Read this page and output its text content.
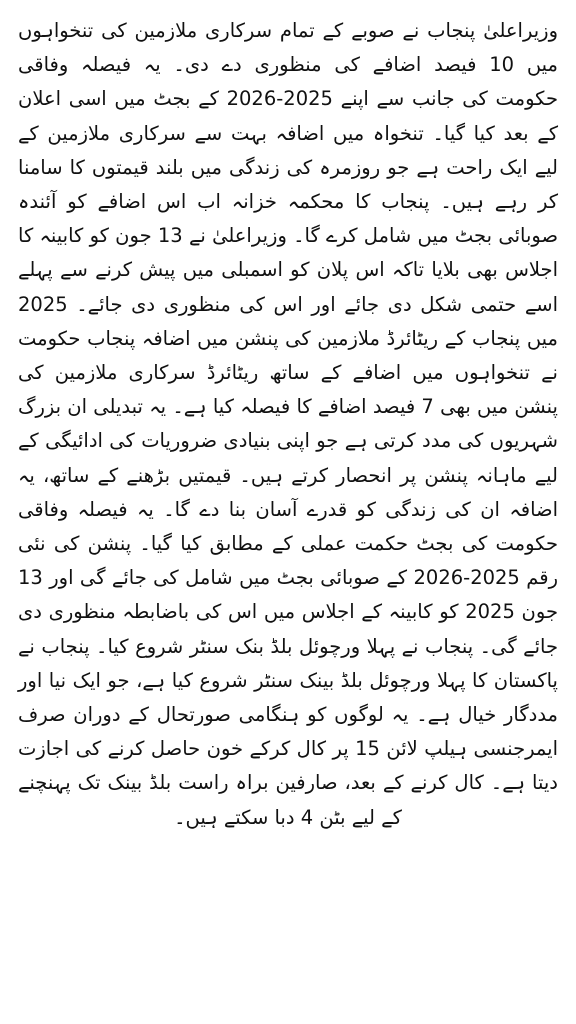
وزیراعلیٰ پنجاب نے صوبے کے تمام سرکاری ملازمین کی تنخواہوں میں 10 فیصد اضافے کی منظوری دے دی۔ یہ فیصلہ وفاقی حکومت کی جانب سے اپنے 2025-2026 کے بجٹ میں اسی اعلان کے بعد کیا گیا۔ تنخواہ میں اضافہ بہت سے سرکاری ملازمین کے لیے ایک راحت ہے جو روزمرہ کی زندگی میں بلند قیمتوں کا سامنا کر رہے ہیں۔ پنجاب کا محکمہ خزانہ اب اس اضافے کو آئندہ صوبائی بجٹ میں شامل کرے گا۔ وزیراعلیٰ نے 13 جون کو کابینہ کا اجلاس بھی بلایا تاکہ اس پلان کو اسمبلی میں پیش کرنے سے پہلے اسے حتمی شکل دی جائے اور اس کی منظوری دی جائے۔ 2025 میں پنجاب کے ریٹائرڈ ملازمین کی پنشن میں اضافہ پنجاب حکومت نے تنخواہوں میں اضافے کے ساتھ ریٹائرڈ سرکاری ملازمین کی پنشن میں بھی 7 فیصد اضافے کا فیصلہ کیا ہے۔ یہ تبدیلی ان بزرگ شہریوں کی مدد کرتی ہے جو اپنی بنیادی ضروریات کی ادائیگی کے لیے ماہانہ پنشن پر انحصار کرتے ہیں۔ قیمتیں بڑھنے کے ساتھ، یہ اضافہ ان کی زندگی کو قدرے آسان بنا دے گا۔ یہ فیصلہ وفاقی حکومت کی بجٹ حکمت عملی کے مطابق کیا گیا۔ پنشن کی نئی رقم 2025-2026 کے صوبائی بجٹ میں شامل کی جائے گی اور 13 جون 2025 کو کابینہ کے اجلاس میں اس کی باضابطہ منظوری دی جائے گی۔ پنجاب نے پہلا ورچوئل بلڈ بنک سنٹر شروع کیا۔ پنجاب نے پاکستان کا پہلا ورچوئل بلڈ بینک سنٹر شروع کیا ہے، جو ایک نیا اور مددگار خیال ہے۔ یہ لوگوں کو ہنگامی صورتحال کے دوران صرف ایمرجنسی ہیلپ لائن 15 پر کال کرکے خون حاصل کرنے کی اجازت دیتا ہے۔ کال کرنے کے بعد، صارفین براہ راست بلڈ بینک تک پہنچنے کے لیے بٹن 4 دبا سکتے ہیں۔
